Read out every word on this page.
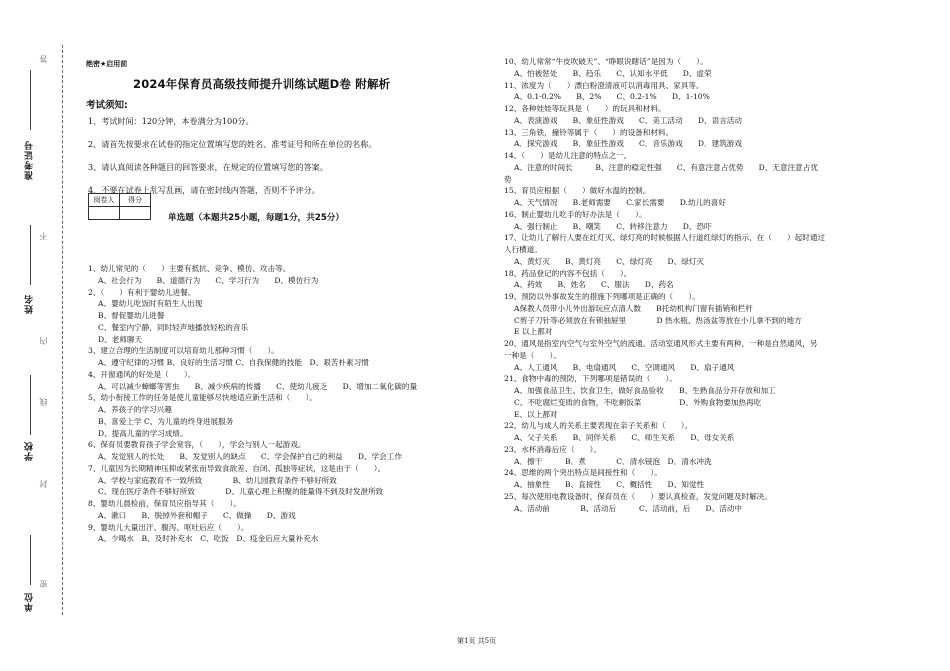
答
不
内
线
封
密
准考证号
姓名
学校
单位
绝密★启用前
2024年保育员高级技师提升训练试题D卷 附解析
考试须知:
1、考试时间：120分钟，本卷满分为100分。
2、请首先按要求在试卷的指定位置填写您的姓名、准考证号和所在单位的名称。
3、请认真阅读各种题目的回答要求，在规定的位置填写您的答案。
4、不要在试卷上乱写乱画，请在密封线内答题，否则不予评分。
阅卷人	得分

单选题（本题共25小题，每题1分，共25分）
1、幼儿常见的（　　）主要有抵抗、竞争、模仿、攻击等。
A、社会行为　　B、道德行为　　C、学习行为　　D、模仿行为
2、（　　）有利于婴幼儿进餐。
A、婴幼儿吃饭时有陌生人出现
B、督促婴幼儿进餐
C、餐室内宁静，同时轻声地播放轻松的音乐
D、老师聊天
3、建立合理的生活制度可以培育幼儿那种习惯（　　）。
A、遵守纪律的习惯 B、良好的生活习惯 C、自我保健的技能　D、艰苦朴素习惯
4、开窗通风的好处是（　　）。
A、可以减少蟑螂等害虫　　B、减少疾病的传播　　C、使幼儿疲乏　　D、增加二氧化碳的量
5、幼小衔接工作的任务是使儿童能够尽快地适应新生活和（　　）。
A、养孩子的学习兴趣
B、喜爱上学 C、为儿童的终身进展服务
D、提高儿童的学习成绩。
6、保育员要教育孩子学会宽容，（　　），学会与别人一起游戏。
A、发觉别人的长处　　B、发觉别人的缺点　　C、学会保护自己的利益　　D、学会工作
7、儿童因为长期精神压抑或紧张而导致食欲差、自闭、孤独等症状，这是由于（　　）。
A、学校与家庭教育不一致所致　　　　B、幼儿园教育条件不够好所致
C、现在医疗条件不够好所致　　　　D、儿童心理上积聚的能量得不到及时发泄所致
8、婴幼儿晨检前，保育员应指导其（　　）。
A、漱口　　B、脱掉外套和帽子　　C、做操　　D、游戏
9、婴幼儿大量出汗、腹泻、呕吐后应（　　）。
A、少喝水　B、及时补充水　C、吃饭　D、疫金后应大量补充水
10、幼儿常常“牛皮吹破天”、“睁眼说瞎话”是因为（　　）。
A、怕被惩处　　B、趋乐　　C、认知水平低　　D、虚荣
11、浓度为（　　）漂白粉澄清液可以消毒用具、家具等。
A、0.1-0.2%　　B、2%　　C、0.2-1%　　D、1-10%
12、各种娃娃等玩具是（　　）的玩具和材料。
A、表演游戏　　B、象征性游戏　　C、美工活动　　D、语言活动
13、三角铁，撞铃等属于（　　）的设备和材料。
A．探究游戏　　B．象征性游戏　　C．音乐游戏　　D．建筑游戏
14、（　　）是幼儿注意的特点之一。
A、注意的时间长　　　B、注意的稳定性强　　C、有意注意占优势　　D、无意注意占优
势
15、育员应根据（　　）做好水温的控制。
A、天气情况　　B.老师需要　　C.家长需要　　D.幼儿的喜好
16、制止婴幼儿吃手的好办法是（　　）。
A、强行制止　　B、嘲笑　　C、转移注意力　　D、恐吓
17、让幼儿了解行人要在红灯灭、绿灯亮的时候根据人行道红绿灯的指示，在（　　）起时通过
人行横道。
A、黄灯灭　　B、黄灯亮　　C、绿灯亮　　D、绿灯灭
18、药品登记的内容不包括（　　）。
A、药效　　B、姓名　　C、服法　　D、药名
19、预防以外事故发生的措施下列哪项是正确的（　　）。
A保教人员带小儿外出游玩应点清人数　　B托幼机构门窗有插销和栏杆
C剪子刀针等必须放在有锁抽屉里　　　　D 热水瓶、热汤盆等放在小儿拿不到的地方
E 以上都对
20、通风是指室内空气与室外空气的流通。活动室通风形式主要有两种，一种是自然通风，另
一种是（　　）。
A、人工通风　　B、电扇通风　　C、空调通风　　D、扇子通风
21、食物中毒的预防，下列哪项是错误的（　　）。
A、加强食品卫生、饮食卫生，做好食品验收　　B、生熟食品分开存放和加工
C、不吃腐烂变质的食物，不吃剩饭菜　　　　　D、外购食物要加热再吃
E、以上都对
22、幼儿与成人的关系主要表现在亲子关系和（　　）。
A、父子关系　　B、同伴关系　　C、师生关系　　D、母女关系
23、水杯消毒后应（　　）。
A．擦干　　　B．煮　　　　C．清水锓泡　D．清水冲洗
24、思维的两个突出特点是间接性和（　　）。
A、抽象性　　B、直接性　　C、概括性　　D、知觉性
25、每次使用电教设备时，保育员在（　　）要认真检查，发觉问题及时解决。
A、活动前　　　　B、活动后　　　C、活动前，后　　D、活动中
第1页 共5页
